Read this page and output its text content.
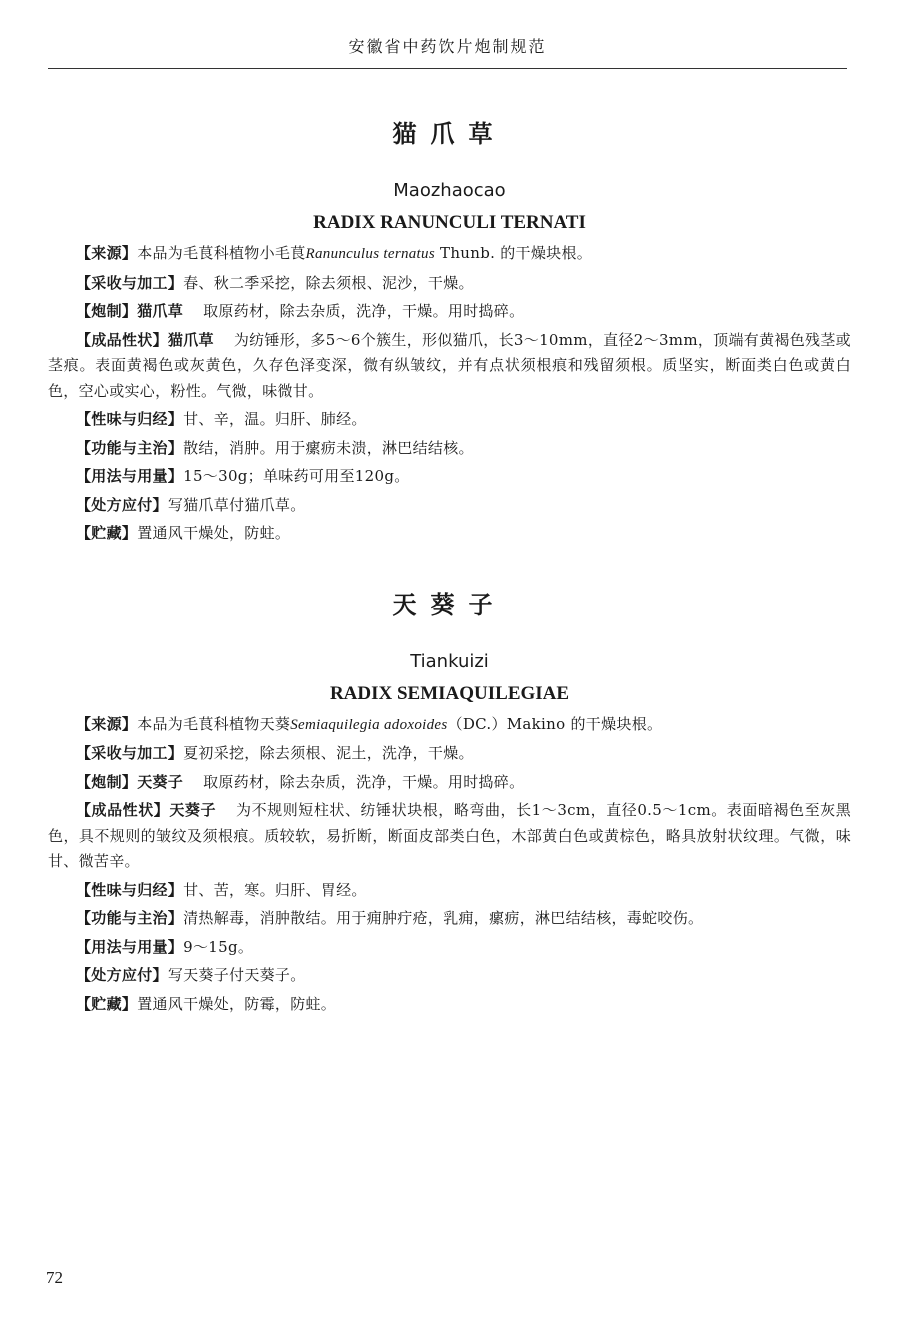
安徽省中药饮片炮制规范
猫爪草
Maozhaocao
RADIX RANUNCULI TERNATI

【来源】本品为毛茛科植物小毛茛Ranunculus ternatus Thunb. 的干燥块根。

【采收与加工】春、秋二季采挖，除去须根、泥沙，干燥。

【炮制】猫爪草 取原药材，除去杂质，洗净，干燥。用时捣碎。

【成品性状】猫爪草 为纺锤形，多5～6个簇生，形似猫爪，长3～10mm，直径2～3mm，顶端有黄褐色残茎或茎痕。表面黄褐色或灰黄色，久存色泽变深，微有纵皱纹，并有点状须根痕和残留须根。质坚实，断面类白色或黄白色，空心或实心，粉性。气微，味微甘。

【性味与归经】甘、辛，温。归肝、肺经。

【功能与主治】散结，消肿。用于瘰疬未溃，淋巴结结核。

【用法与用量】15～30g；单味药可用至120g。

【处方应付】写猫爪草付猫爪草。

【贮藏】置通风干燥处，防蛀。

天葵子
Tiankuizi
RADIX SEMIAQUILEGIAE

【来源】本品为毛茛科植物天葵Semiaquilegia adoxoides（DC.）Makino 的干燥块根。

【采收与加工】夏初采挖，除去须根、泥土，洗净，干燥。

【炮制】天葵子 取原药材，除去杂质，洗净，干燥。用时捣碎。

【成品性状】天葵子 为不规则短柱状、纺锤状块根，略弯曲，长1～3cm，直径0.5～1cm。表面暗褐色至灰黑色，具不规则的皱纹及须根痕。质较软，易折断，断面皮部类白色，木部黄白色或黄棕色，略具放射状纹理。气微，味甘、微苦辛。

【性味与归经】甘、苦，寒。归肝、胃经。

【功能与主治】清热解毒，消肿散结。用于痈肿疔疮，乳痈，瘰疬，淋巴结结核，毒蛇咬伤。

【用法与用量】9～15g。

【处方应付】写天葵子付天葵子。

【贮藏】置通风干燥处，防霉，防蛀。

72
